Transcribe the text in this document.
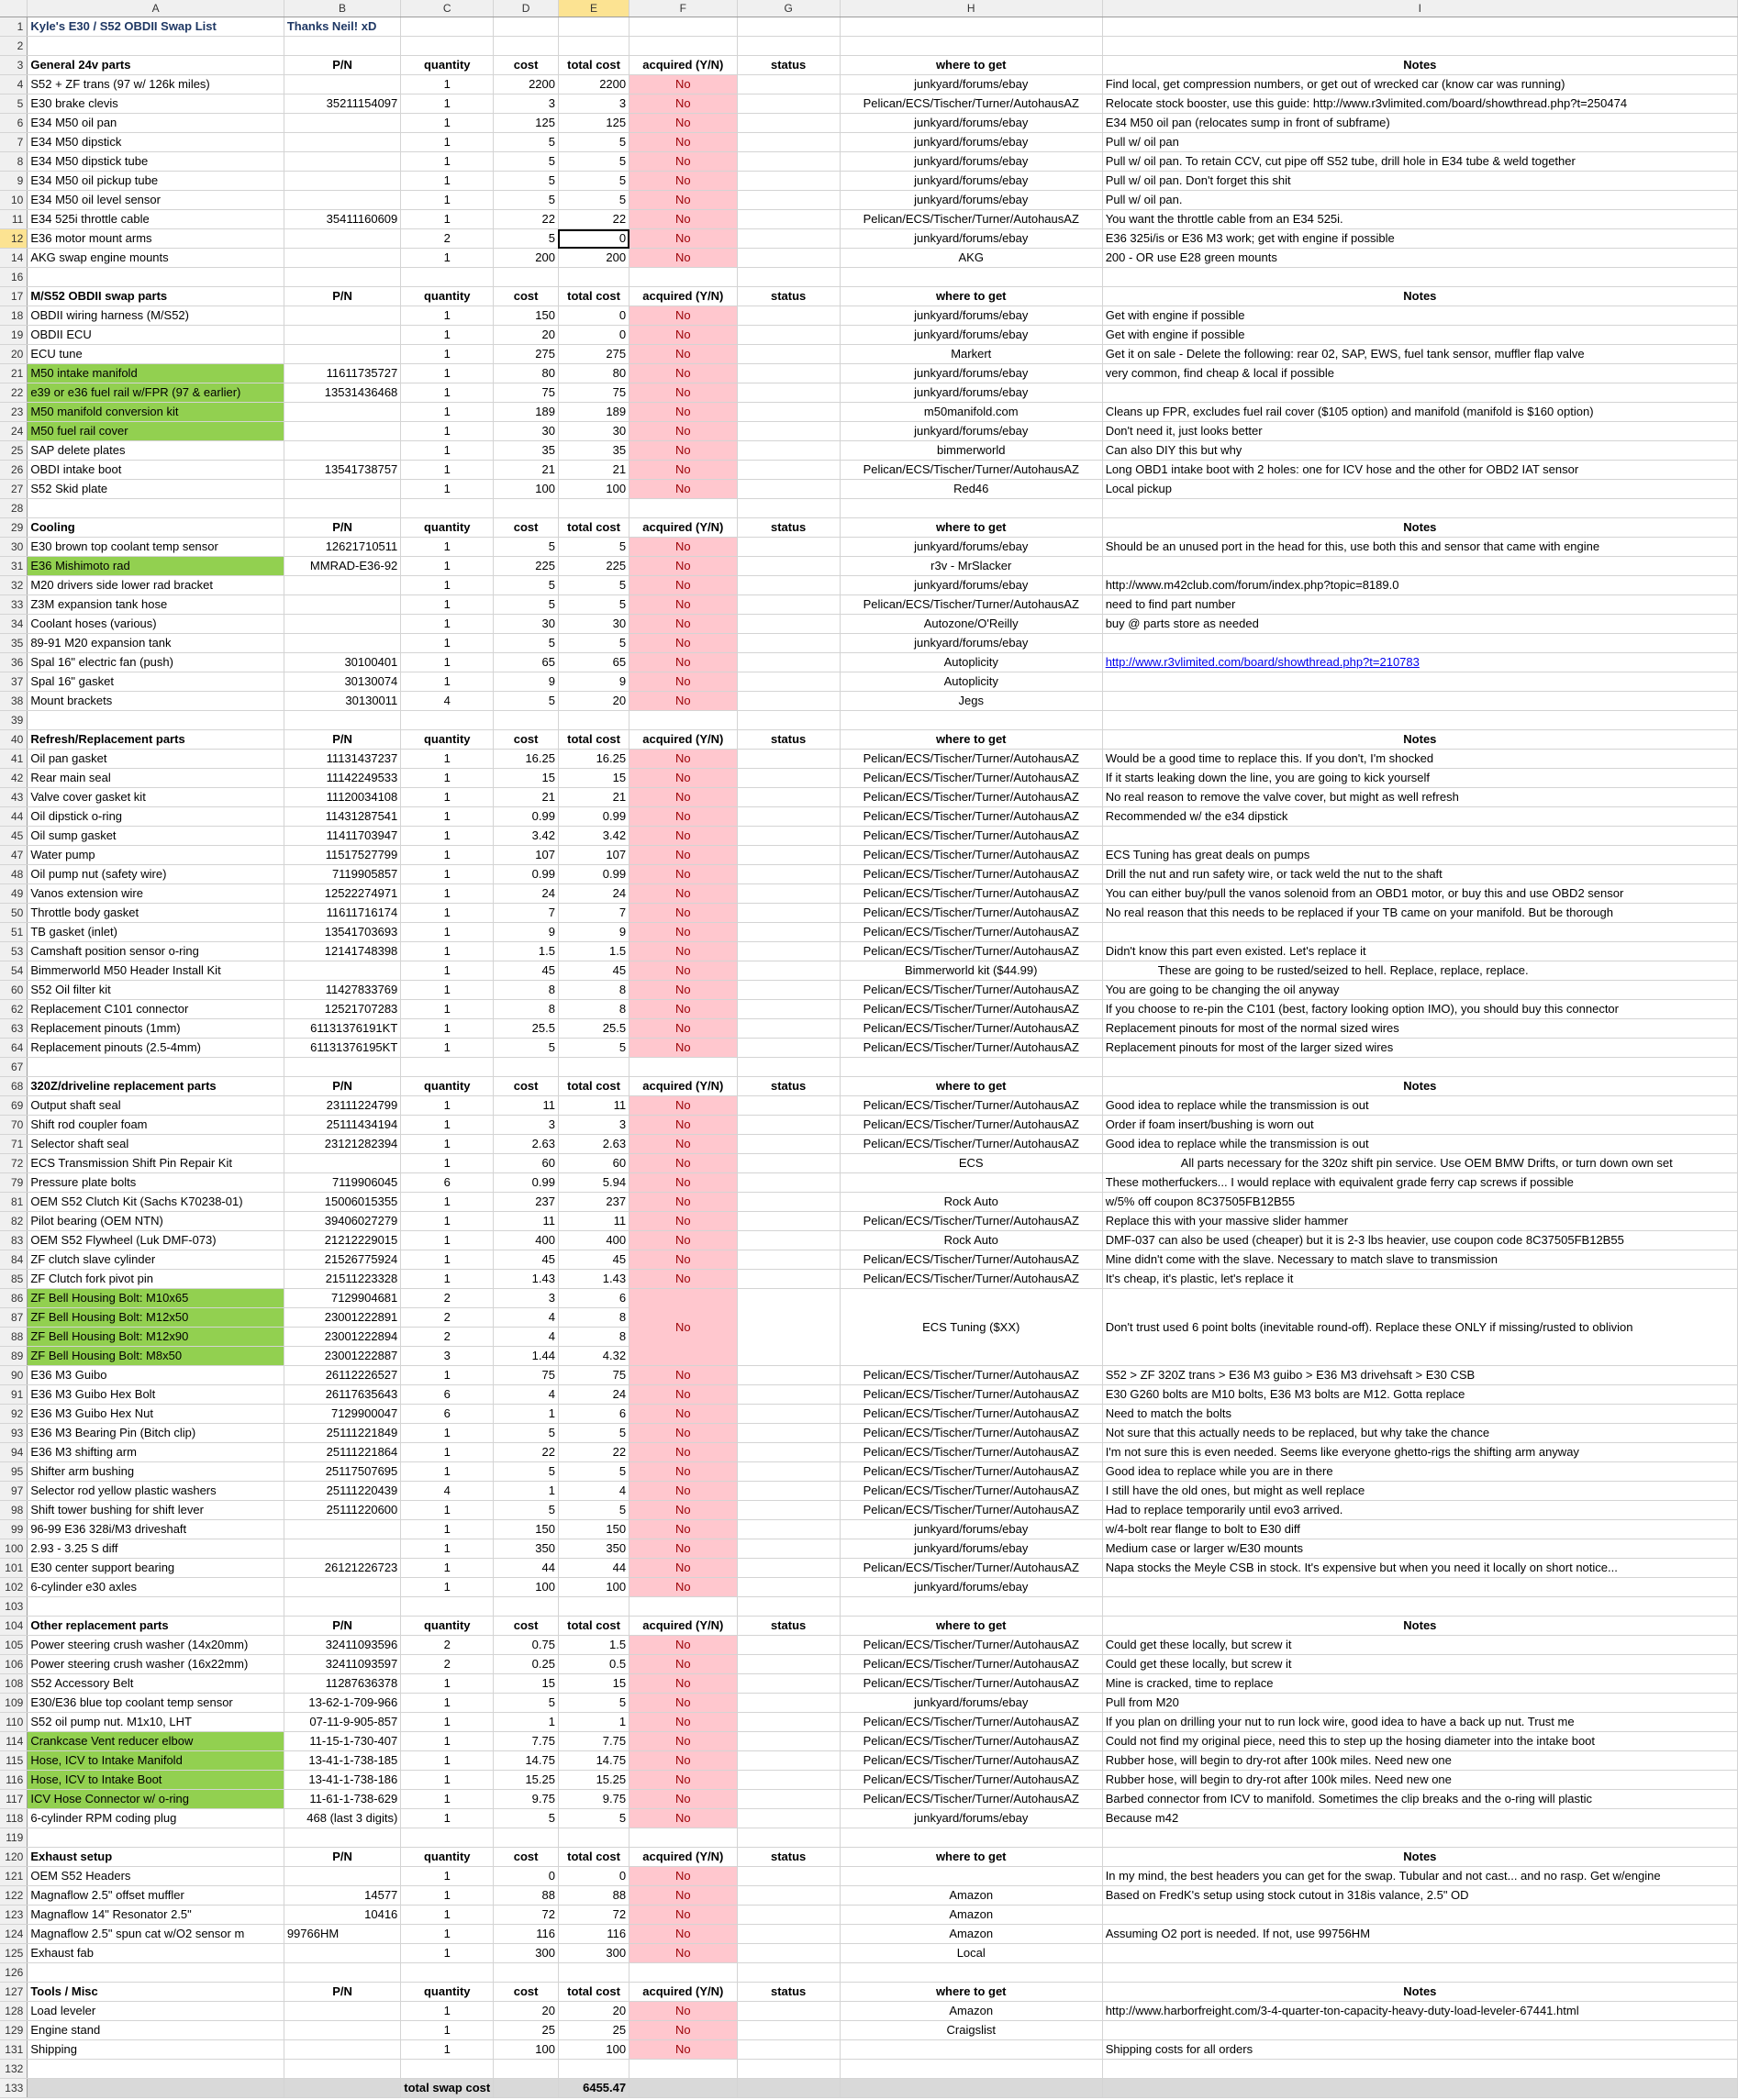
	A	B	C	D	E	F	G	H	I
1	Kyle's E30 / S52 OBDII Swap List	Thanks Neil! xD							
2									
3	General 24v parts	P/N	quantity	cost	total cost	acquired (Y/N)	status	where to get	Notes
4	S52 + ZF trans (97 w/ 126k miles)		1	2200	2200	No		junkyard/forums/ebay	Find local, get compression numbers, or get out of wrecked car (know car was running)
5	E30 brake clevis	35211154097	1	3	3	No		Pelican/ECS/Tischer/Turner/AutohausAZ	Relocate stock booster, use this guide: http://www.r3vlimited.com/board/showthread.php?t=250474
6	E34 M50 oil pan		1	125	125	No		junkyard/forums/ebay	E34 M50 oil pan (relocates sump in front of subframe)
7	E34 M50 dipstick		1	5	5	No		junkyard/forums/ebay	Pull w/ oil pan
8	E34 M50 dipstick tube		1	5	5	No		junkyard/forums/ebay	Pull w/ oil pan. To retain CCV, cut pipe off S52 tube, drill hole in E34 tube & weld together
9	E34 M50 oil pickup tube		1	5	5	No		junkyard/forums/ebay	Pull w/ oil pan. Don't forget this shit
10	E34 M50 oil level sensor		1	5	5	No		junkyard/forums/ebay	Pull w/ oil pan.
11	E34 525i throttle cable	35411160609	1	22	22	No		Pelican/ECS/Tischer/Turner/AutohausAZ	You want the throttle cable from an E34 525i.
12	E36 motor mount arms		2	5	0	No		junkyard/forums/ebay	E36 325i/is or E36 M3 work; get with engine if possible
14	AKG swap engine mounts		1	200	200	No		AKG	200 - OR use E28 green mounts
16									
17	M/S52 OBDII swap parts	P/N	quantity	cost	total cost	acquired (Y/N)	status	where to get	Notes
18	OBDII wiring harness (M/S52)		1	150	0	No		junkyard/forums/ebay	Get with engine if possible
19	OBDII ECU		1	20	0	No		junkyard/forums/ebay	Get with engine if possible
20	ECU tune		1	275	275	No		Markert	Get it on sale - Delete the following: rear 02, SAP, EWS, fuel tank sensor, muffler flap valve
21	M50 intake manifold	11611735727	1	80	80	No		junkyard/forums/ebay	very common, find cheap & local if possible
22	e39 or e36 fuel rail w/FPR (97 & earlier)	13531436468	1	75	75	No		junkyard/forums/ebay	
23	M50 manifold conversion kit		1	189	189	No		m50manifold.com	Cleans up FPR, excludes fuel rail cover ($105 option) and manifold (manifold is $160 option)
24	M50 fuel rail cover		1	30	30	No		junkyard/forums/ebay	Don't need it, just looks better
25	SAP delete plates		1	35	35	No		bimmerworld	Can also DIY this but why
26	OBDI intake boot	13541738757	1	21	21	No		Pelican/ECS/Tischer/Turner/AutohausAZ	Long OBD1 intake boot with 2 holes: one for ICV hose and the other for OBD2 IAT sensor
27	S52 Skid plate		1	100	100	No		Red46	Local pickup
28									
29	Cooling	P/N	quantity	cost	total cost	acquired (Y/N)	status	where to get	Notes
30	E30 brown top coolant temp sensor	12621710511	1	5	5	No		junkyard/forums/ebay	Should be an unused port in the head for this, use both this and sensor that came with engine
31	E36 Mishimoto rad	MMRAD-E36-92	1	225	225	No		r3v - MrSlacker	
32	M20 drivers side lower rad bracket		1	5	5	No		junkyard/forums/ebay	http://www.m42club.com/forum/index.php?topic=8189.0
33	Z3M expansion tank hose		1	5	5	No		Pelican/ECS/Tischer/Turner/AutohausAZ	need to find part number
34	Coolant hoses (various)		1	30	30	No		Autozone/O'Reilly	buy @ parts store as needed
35	89-91 M20 expansion tank		1	5	5	No		junkyard/forums/ebay	
36	Spal 16" electric fan (push)	30100401	1	65	65	No		Autoplicity	http://www.r3vlimited.com/board/showthread.php?t=210783
37	Spal 16" gasket	30130074	1	9	9	No		Autoplicity	
38	Mount brackets	30130011	4	5	20	No		Jegs	
39									
40	Refresh/Replacement parts	P/N	quantity	cost	total cost	acquired (Y/N)	status	where to get	Notes
41	Oil pan gasket	11131437237	1	16.25	16.25	No		Pelican/ECS/Tischer/Turner/AutohausAZ	Would be a good time to replace this. If you don't, I'm shocked
42	Rear main seal	11142249533	1	15	15	No		Pelican/ECS/Tischer/Turner/AutohausAZ	If it starts leaking down the line, you are going to kick yourself
43	Valve cover gasket kit	11120034108	1	21	21	No		Pelican/ECS/Tischer/Turner/AutohausAZ	No real reason to remove the valve cover, but might as well refresh
44	Oil dipstick o-ring	11431287541	1	0.99	0.99	No		Pelican/ECS/Tischer/Turner/AutohausAZ	Recommended w/ the e34 dipstick
45	Oil sump gasket	11411703947	1	3.42	3.42	No		Pelican/ECS/Tischer/Turner/AutohausAZ	
47	Water pump	11517527799	1	107	107	No		Pelican/ECS/Tischer/Turner/AutohausAZ	ECS Tuning has great deals on pumps
48	Oil pump nut (safety wire)	7119905857	1	0.99	0.99	No		Pelican/ECS/Tischer/Turner/AutohausAZ	Drill the nut and run safety wire, or tack weld the nut to the shaft
49	Vanos extension wire	12522274971	1	24	24	No		Pelican/ECS/Tischer/Turner/AutohausAZ	You can either buy/pull the vanos solenoid from an OBD1 motor, or buy this and use OBD2 sensor
50	Throttle body gasket	11611716174	1	7	7	No		Pelican/ECS/Tischer/Turner/AutohausAZ	No real reason that this needs to be replaced if your TB came on your manifold. But be thorough
51	TB gasket (inlet)	13541703693	1	9	9	No		Pelican/ECS/Tischer/Turner/AutohausAZ	
53	Camshaft position sensor o-ring	12141748398	1	1.5	1.5	No		Pelican/ECS/Tischer/Turner/AutohausAZ	Didn't know this part even existed. Let's replace it
54	Bimmerworld M50 Header Install Kit		1	45	45	No		Bimmerworld kit ($44.99)	These are going to be rusted/seized to hell. Replace, replace, replace.
60	S52 Oil filter kit	11427833769	1	8	8	No		Pelican/ECS/Tischer/Turner/AutohausAZ	You are going to be changing the oil anyway
62	Replacement C101 connector	12521707283	1	8	8	No		Pelican/ECS/Tischer/Turner/AutohausAZ	If you choose to re-pin the C101 (best, factory looking option IMO), you should buy this connector
63	Replacement pinouts (1mm)	61131376191KT	1	25.5	25.5	No		Pelican/ECS/Tischer/Turner/AutohausAZ	Replacement pinouts for most of the normal sized wires
64	Replacement pinouts (2.5-4mm)	61131376195KT	1	5	5	No		Pelican/ECS/Tischer/Turner/AutohausAZ	Replacement pinouts for most of the larger sized wires
67									
68	320Z/driveline replacement parts	P/N	quantity	cost	total cost	acquired (Y/N)	status	where to get	Notes
69	Output shaft seal	23111224799	1	11	11	No		Pelican/ECS/Tischer/Turner/AutohausAZ	Good idea to replace while the transmission is out
70	Shift rod coupler foam	25111434194	1	3	3	No		Pelican/ECS/Tischer/Turner/AutohausAZ	Order if foam insert/bushing is worn out
71	Selector shaft seal	23121282394	1	2.63	2.63	No		Pelican/ECS/Tischer/Turner/AutohausAZ	Good idea to replace while the transmission is out
72	ECS Transmission Shift Pin Repair Kit		1	60	60	No		ECS	All parts necessary for the 320z shift pin service. Use OEM BMW Drifts, or turn down own set
79	Pressure plate bolts	7119906045	6	0.99	5.94	No			These motherfuckers... I would replace with equivalent grade ferry cap screws if possible
81	OEM S52 Clutch Kit (Sachs K70238-01)	15006015355	1	237	237	No		Rock Auto	w/5% off coupon 8C37505FB12B55
82	Pilot bearing (OEM NTN)	39406027279	1	11	11	No		Pelican/ECS/Tischer/Turner/AutohausAZ	Replace this with your massive slider hammer
83	OEM S52 Flywheel (Luk DMF-073)	21212229015	1	400	400	No		Rock Auto	DMF-037 can also be used (cheaper) but it is 2-3 lbs heavier, use coupon code 8C37505FB12B55
84	ZF clutch slave cylinder	21526775924	1	45	45	No		Pelican/ECS/Tischer/Turner/AutohausAZ	Mine didn't come with the slave. Necessary to match slave to transmission
85	ZF Clutch fork pivot pin	21511223328	1	1.43	1.43	No		Pelican/ECS/Tischer/Turner/AutohausAZ	It's cheap, it's plastic, let's replace it
86	ZF Bell Housing Bolt: M10x65	7129904681	2	3	6	No		ECS Tuning ($XX)	Don't trust used 6 point bolts (inevitable round-off). Replace these ONLY if missing/rusted to oblivion
87	ZF Bell Housing Bolt: M12x50	23001222891	2	4	8				
88	ZF Bell Housing Bolt: M12x90	23001222894	2	4	8				
89	ZF Bell Housing Bolt: M8x50	23001222887	3	1.44	4.32				
90	E36 M3 Guibo	26112226527	1	75	75	No		Pelican/ECS/Tischer/Turner/AutohausAZ	S52 > ZF 320Z trans > E36 M3 guibo > E36 M3 drivehsaft > E30 CSB
91	E36 M3 Guibo Hex Bolt	26117635643	6	4	24	No		Pelican/ECS/Tischer/Turner/AutohausAZ	E30 G260 bolts are M10 bolts, E36 M3 bolts are M12. Gotta replace
92	E36 M3 Guibo Hex Nut	7129900047	6	1	6	No		Pelican/ECS/Tischer/Turner/AutohausAZ	Need to match the bolts
93	E36 M3 Bearing Pin (Bitch clip)	25111221849	1	5	5	No		Pelican/ECS/Tischer/Turner/AutohausAZ	Not sure that this actually needs to be replaced, but why take the chance
94	E36 M3 shifting arm	25111221864	1	22	22	No		Pelican/ECS/Tischer/Turner/AutohausAZ	I'm not sure this is even needed. Seems like everyone ghetto-rigs the shifting arm anyway
95	Shifter arm bushing	25117507695	1	5	5	No		Pelican/ECS/Tischer/Turner/AutohausAZ	Good idea to replace while you are in there
97	Selector rod yellow plastic washers	25111220439	4	1	4	No		Pelican/ECS/Tischer/Turner/AutohausAZ	I still have the old ones, but might as well replace
98	Shift tower bushing for shift lever	25111220600	1	5	5	No		Pelican/ECS/Tischer/Turner/AutohausAZ	Had to replace temporarily until evo3 arrived.
99	96-99 E36 328i/M3 driveshaft		1	150	150	No		junkyard/forums/ebay	w/4-bolt rear flange to bolt to E30 diff
100	2.93 - 3.25 S diff		1	350	350	No		junkyard/forums/ebay	Medium case or larger w/E30 mounts
101	E30 center support bearing	26121226723	1	44	44	No		Pelican/ECS/Tischer/Turner/AutohausAZ	Napa stocks the Meyle CSB in stock. It's expensive but when you need it locally on short notice...
102	6-cylinder e30 axles		1	100	100	No		junkyard/forums/ebay	
103									
104	Other replacement parts	P/N	quantity	cost	total cost	acquired (Y/N)	status	where to get	Notes
105	Power steering crush washer (14x20mm)	32411093596	2	0.75	1.5	No		Pelican/ECS/Tischer/Turner/AutohausAZ	Could get these locally, but screw it
106	Power steering crush washer (16x22mm)	32411093597	2	0.25	0.5	No		Pelican/ECS/Tischer/Turner/AutohausAZ	Could get these locally, but screw it
108	S52 Accessory Belt	11287636378	1	15	15	No		Pelican/ECS/Tischer/Turner/AutohausAZ	Mine is cracked, time to replace
109	E30/E36 blue top coolant temp sensor	13-62-1-709-966	1	5	5	No		junkyard/forums/ebay	Pull from M20
110	S52 oil pump nut. M1x10, LHT	07-11-9-905-857	1	1	1	No		Pelican/ECS/Tischer/Turner/AutohausAZ	If you plan on drilling your nut to run lock wire, good idea to have a back up nut. Trust me
114	Crankcase Vent reducer elbow	11-15-1-730-407	1	7.75	7.75	No		Pelican/ECS/Tischer/Turner/AutohausAZ	Could not find my original piece, need this to step up the hosing diameter into the intake boot
115	Hose, ICV to Intake Manifold	13-41-1-738-185	1	14.75	14.75	No		Pelican/ECS/Tischer/Turner/AutohausAZ	Rubber hose, will begin to dry-rot after 100k miles. Need new one
116	Hose, ICV to Intake Boot	13-41-1-738-186	1	15.25	15.25	No		Pelican/ECS/Tischer/Turner/AutohausAZ	Rubber hose, will begin to dry-rot after 100k miles. Need new one
117	ICV Hose Connector w/ o-ring	11-61-1-738-629	1	9.75	9.75	No		Pelican/ECS/Tischer/Turner/AutohausAZ	Barbed connector from ICV to manifold. Sometimes the clip breaks and the o-ring will plastic
118	6-cylinder RPM coding plug	468 (last 3 digits)	1	5	5	No		junkyard/forums/ebay	Because m42
119									
120	Exhaust setup	P/N	quantity	cost	total cost	acquired (Y/N)	status	where to get	Notes
121	OEM S52 Headers		1	0	0	No			In my mind, the best headers you can get for the swap. Tubular and not cast... and no rasp. Get w/engine
122	Magnaflow 2.5" offset muffler	14577	1	88	88	No		Amazon	Based on FredK's setup using stock cutout in 318is valance, 2.5" OD
123	Magnaflow 14" Resonator 2.5"	10416	1	72	72	No		Amazon	
124	Magnaflow 2.5" spun cat w/O2 sensor m	99766HM	1	116	116	No		Amazon	Assuming O2 port is needed. If not, use 99756HM
125	Exhaust fab		1	300	300	No		Local	
126									
127	Tools / Misc	P/N	quantity	cost	total cost	acquired (Y/N)	status	where to get	Notes
128	Load leveler		1	20	20	No		Amazon	http://www.harborfreight.com/3-4-quarter-ton-capacity-heavy-duty-load-leveler-67441.html
129	Engine stand		1	25	25	No		Craigslist	
131	Shipping		1	100	100	No			Shipping costs for all orders
132									
133			total swap cost		6455.47				
